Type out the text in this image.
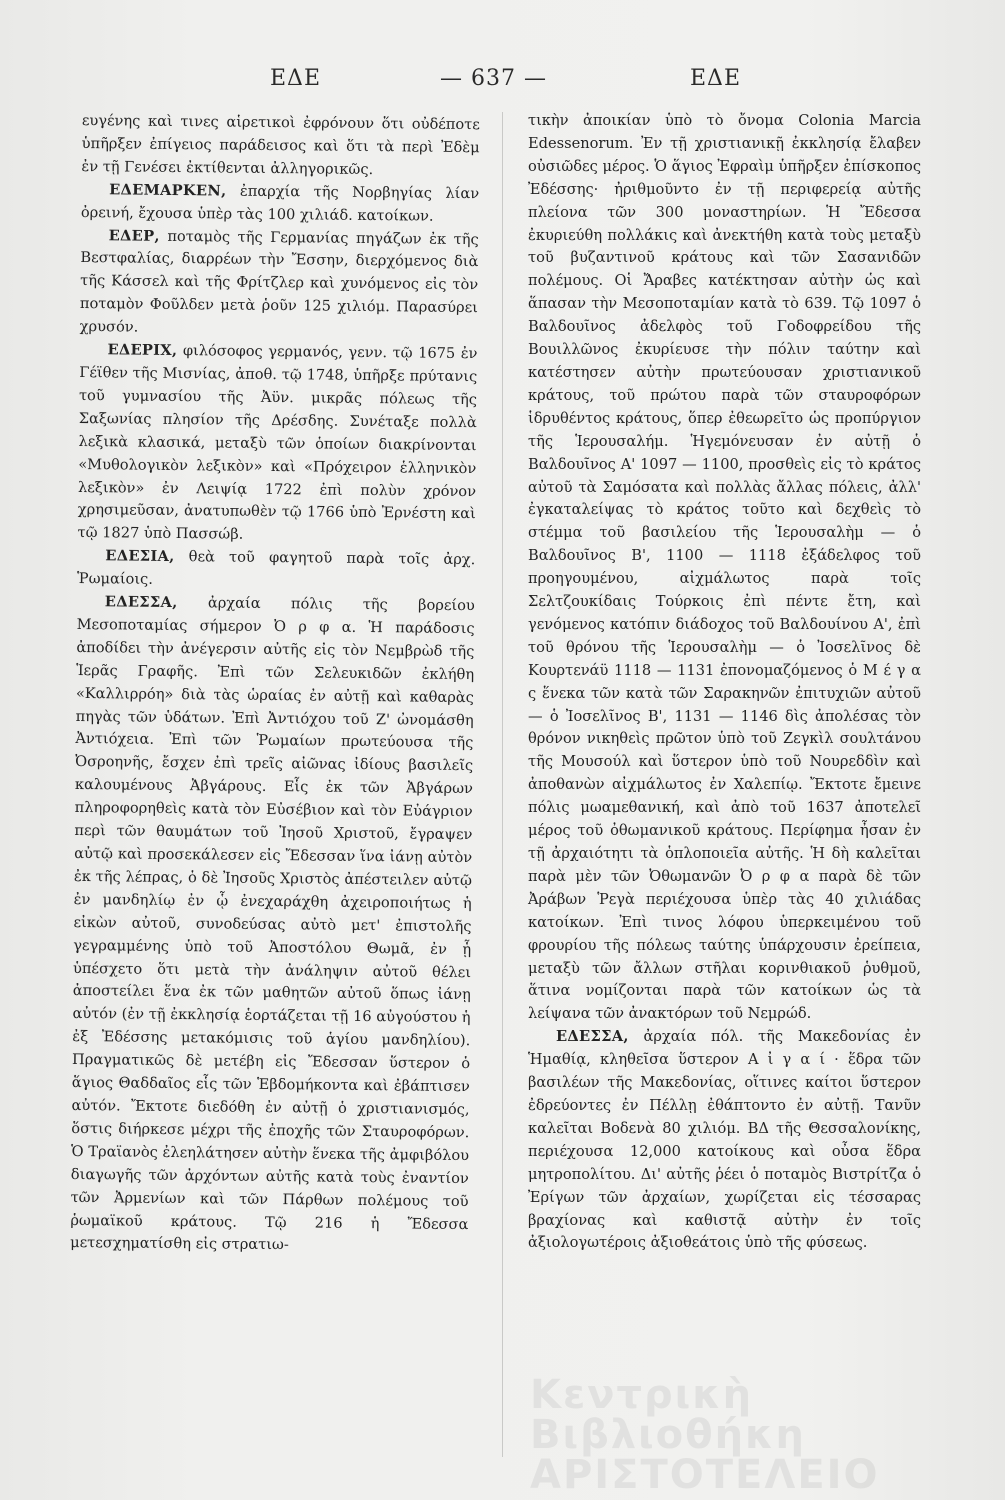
ΕΔΕ	— 637 —	ΕΔΕ

ευγένης καὶ τινες αἱρετικοὶ ἐφρόνουν ὅτι οὐδέποτε ὑπῆρξεν ἐπίγειος παράδεισος καὶ ὅτι τὰ περὶ Ἐδὲμ ἐν τῇ Γενέσει ἐκτίθενται ἀλληγορικῶς.

ΕΔΕΜΑΡΚΕΝ, ἐπαρχία τῆς Νορβηγίας λίαν ὀρεινή, ἔχουσα ὑπὲρ τὰς 100 χιλιάδ. κατοίκων.

ΕΔΕΡ, ποταμὸς τῆς Γερμανίας πηγάζων ἐκ τῆς Βεστφαλίας, διαρρέων τὴν Ἔσσην, διερχόμενος διὰ τῆς Κάσσελ καὶ τῆς Φρίτζλερ καὶ χυνόμενος εἰς τὸν ποταμὸν Φοῦλδεν μετὰ ῥοῦν 125 χιλιόμ. Παρασύρει χρυσόν.

ΕΔΕΡΙΧ, φιλόσοφος γερμανός, γενν. τῷ 1675 ἐν Γέϊθεν τῆς Μισνίας, ἀποθ. τῷ 1748, ὑπῆρξε πρύτανις τοῦ γυμνασίου τῆς Ἀϋν. μικρᾶς πόλεως τῆς Σαξωνίας πλησίον τῆς Δρέσδης. Συνέταξε πολλὰ λεξικὰ κλασικά, μεταξὺ τῶν ὁποίων διακρίνονται «Μυθολογικὸν λεξικὸν» καὶ «Πρόχειρον ἑλληνικὸν λεξικὸν» ἐν Λειψίᾳ 1722 ἐπὶ πολὺν χρόνον χρησιμεῦσαν, ἀνατυπωθὲν τῷ 1766 ὑπὸ Ἐρνέστη καὶ τῷ 1827 ὑπὸ Πασσώβ.

ΕΔΕΣΙΑ, θεὰ τοῦ φαγητοῦ παρὰ τοῖς ἀρχ. Ῥωμαίοις.

ΕΔΕΣΣΑ, ἀρχαία πόλις τῆς βορείου Μεσοποταμίας σήμερον Ὀ ρ φ α. Ἡ παράδοσις ἀποδίδει τὴν ἀνέγερσιν αὐτῆς εἰς τὸν Νεμβρὼδ τῆς Ἱερᾶς Γραφῆς. Ἐπὶ τῶν Σελευκιδῶν ἐκλήθη «Καλλιρρόη» διὰ τὰς ὡραίας ἐν αὐτῇ καὶ καθαρὰς πηγὰς τῶν ὑδάτων. Ἐπὶ Ἀντιόχου τοῦ Ζ' ὠνομάσθη Ἀντιόχεια. Ἐπὶ τῶν Ῥωμαίων πρωτεύουσα τῆς Ὀσροηνῆς, ἔσχεν ἐπὶ τρεῖς αἰῶνας ἰδίους βασιλεῖς καλουμένους Ἀβγάρους. Εἷς ἐκ τῶν Ἀβγάρων πληροφορηθεὶς κατὰ τὸν Εὐσέβιον καὶ τὸν Εὐάγριον περὶ τῶν θαυμάτων τοῦ Ἰησοῦ Χριστοῦ, ἔγραψεν αὐτῷ καὶ προσεκάλεσεν εἰς Ἔδεσσαν ἵνα ἰάνῃ αὐτὸν ἐκ τῆς λέπρας, ὁ δὲ Ἰησοῦς Χριστὸς ἀπέστειλεν αὐτῷ ἐν μανδηλίῳ ἐν ᾧ ἐνεχαράχθη ἀχειροποιήτως ἡ εἰκὼν αὐτοῦ, συνοδεύσας αὐτὸ μετ' ἐπιστολῆς γεγραμμένης ὑπὸ τοῦ Ἀποστόλου Θωμᾶ, ἐν ᾗ ὑπέσχετο ὅτι μετὰ τὴν ἀνάληψιν αὐτοῦ θέλει ἀποστείλει ἕνα ἐκ τῶν μαθητῶν αὐτοῦ ὅπως ἰάνῃ αὐτόν (ἐν τῇ ἐκκλησίᾳ ἑορτάζεται τῇ 16 αὐγούστου ἡ ἐξ Ἐδέσσης μετακόμισις τοῦ ἁγίου μανδηλίου). Πραγματικῶς δὲ μετέβη εἰς Ἔδεσσαν ὕστερον ὁ ἅγιος Θαδδαῖος εἷς τῶν Ἑβδομήκοντα καὶ ἐβάπτισεν αὐτόν. Ἔκτοτε διεδόθη ἐν αὐτῇ ὁ χριστιανισμός, ὅστις διήρκεσε μέχρι τῆς ἐποχῆς τῶν Σταυροφόρων. Ὁ Τραϊανὸς ἐλεηλάτησεν αὐτὴν ἕνεκα τῆς ἀμφιβόλου διαγωγῆς τῶν ἀρχόντων αὐτῆς κατὰ τοὺς ἐναντίον τῶν Ἀρμενίων καὶ τῶν Πάρθων πολέμους τοῦ ῥωμαϊκοῦ κράτους. Τῷ 216 ἡ Ἔδεσσα μετεσχηματίσθη εἰς στρατιω-

τικὴν ἀποικίαν ὑπὸ τὸ ὄνομα Colonia Marcia Edessenorum. Ἐν τῇ χριστιανικῇ ἐκκλησίᾳ ἔλαβεν οὐσιῶδες μέρος. Ὁ ἅγιος Ἐφραὶμ ὑπῆρξεν ἐπίσκοπος Ἐδέσσης· ἠριθμοῦντο ἐν τῇ περιφερείᾳ αὐτῆς πλείονα τῶν 300 μοναστηρίων. Ἡ Ἔδεσσα ἐκυριεύθη πολλάκις καὶ ἀνεκτήθη κατὰ τοὺς μεταξὺ τοῦ βυζαντινοῦ κράτους καὶ τῶν Σασανιδῶν πολέμους. Οἱ Ἄραβες κατέκτησαν αὐτὴν ὡς καὶ ἅπασαν τὴν Μεσοποταμίαν κατὰ τὸ 639. Τῷ 1097 ὁ Βαλδουῖνος ἀδελφὸς τοῦ Γοδοφρείδου τῆς Βουιλλῶνος ἐκυρίευσε τὴν πόλιν ταύτην καὶ κατέστησεν αὐτὴν πρωτεύουσαν χριστιανικοῦ κράτους, τοῦ πρώτου παρὰ τῶν σταυροφόρων ἱδρυθέντος κράτους, ὅπερ ἐθεωρεῖτο ὡς προπύργιον τῆς Ἱερουσαλήμ. Ἡγεμόνευσαν ἐν αὐτῇ ὁ Βαλδουῖνος Α' 1097 — 1100, προσθεὶς εἰς τὸ κράτος αὐτοῦ τὰ Σαμόσατα καὶ πολλὰς ἄλλας πόλεις, ἀλλ' ἐγκαταλείψας τὸ κράτος τοῦτο καὶ δεχθεὶς τὸ στέμμα τοῦ βασιλείου τῆς Ἱερουσαλὴμ — ὁ Βαλδουῖνος Β', 1100 — 1118 ἐξάδελφος τοῦ προηγουμένου, αἰχμάλωτος παρὰ τοῖς Σελτζουκίδαις Τούρκοις ἐπὶ πέντε ἔτη, καὶ γενόμενος κατόπιν διάδοχος τοῦ Βαλδουίνου Α', ἐπὶ τοῦ θρόνου τῆς Ἱερουσαλὴμ — ὁ Ἰοσελῖνος δὲ Κουρτενάϋ 1118 — 1131 ἐπονομαζόμενος ὁ Μ έ γ α ς ἕνεκα τῶν κατὰ τῶν Σαρακηνῶν ἐπιτυχιῶν αὐτοῦ — ὁ Ἰοσελῖνος Β', 1131 — 1146 δὶς ἀπολέσας τὸν θρόνον νικηθεὶς πρῶτον ὑπὸ τοῦ Ζεγκὶλ σουλτάνου τῆς Μουσούλ καὶ ὕστερον ὑπὸ τοῦ Νουρεδδὶν καὶ ἀποθανὼν αἰχμάλωτος ἐν Χαλεπίῳ. Ἔκτοτε ἔμεινε πόλις μωαμεθανική, καὶ ἀπὸ τοῦ 1637 ἀποτελεῖ μέρος τοῦ ὀθωμανικοῦ κράτους. Περίφημα ἦσαν ἐν τῇ ἀρχαιότητι τὰ ὁπλοποιεῖα αὐτῆς. Ἡ δὴ καλεῖται παρὰ μὲν τῶν Ὀθωμανῶν Ὀ ρ φ α παρὰ δὲ τῶν Ἀράβων Ῥεγὰ περιέχουσα ὑπὲρ τὰς 40 χιλιάδας κατοίκων. Ἐπὶ τινος λόφου ὑπερκειμένου τοῦ φρουρίου τῆς πόλεως ταύτης ὑπάρχουσιν ἐρείπεια, μεταξὺ τῶν ἄλλων στῆλαι κορινθιακοῦ ῥυθμοῦ, ἅτινα νομίζονται παρὰ τῶν κατοίκων ὡς τὰ λείψανα τῶν ἀνακτόρων τοῦ Νεμρώδ.

ΕΔΕΣΣΑ, ἀρχαία πόλ. τῆς Μακεδονίας ἐν Ἡμαθίᾳ, κληθεῖσα ὕστερον Α ἰ γ α ί · ἕδρα τῶν βασιλέων τῆς Μακεδονίας, οἵτινες καίτοι ὕστερον ἐδρεύοντες ἐν Πέλλῃ ἐθάπτοντο ἐν αὐτῇ. Τανῦν καλεῖται Βοδενὰ 80 χιλιόμ. ΒΔ τῆς Θεσσαλονίκης, περιέχουσα 12,000 κατοίκους καὶ οὖσα ἕδρα μητροπολίτου. Δι' αὐτῆς ῥέει ὁ ποταμὸς Βιστρίτζα ὁ Ἐρίγων τῶν ἀρχαίων, χωρίζεται εἰς τέσσαρας βραχίονας καὶ καθιστᾷ αὐτὴν ἐν τοῖς ἀξιολογωτέροις ἀξιοθεάτοις ὑπὸ τῆς φύσεως.

Κεντρικὴ Βιβλιοθήκη ΑΡΙΣΤΟΤΕΛΕΙΟ
